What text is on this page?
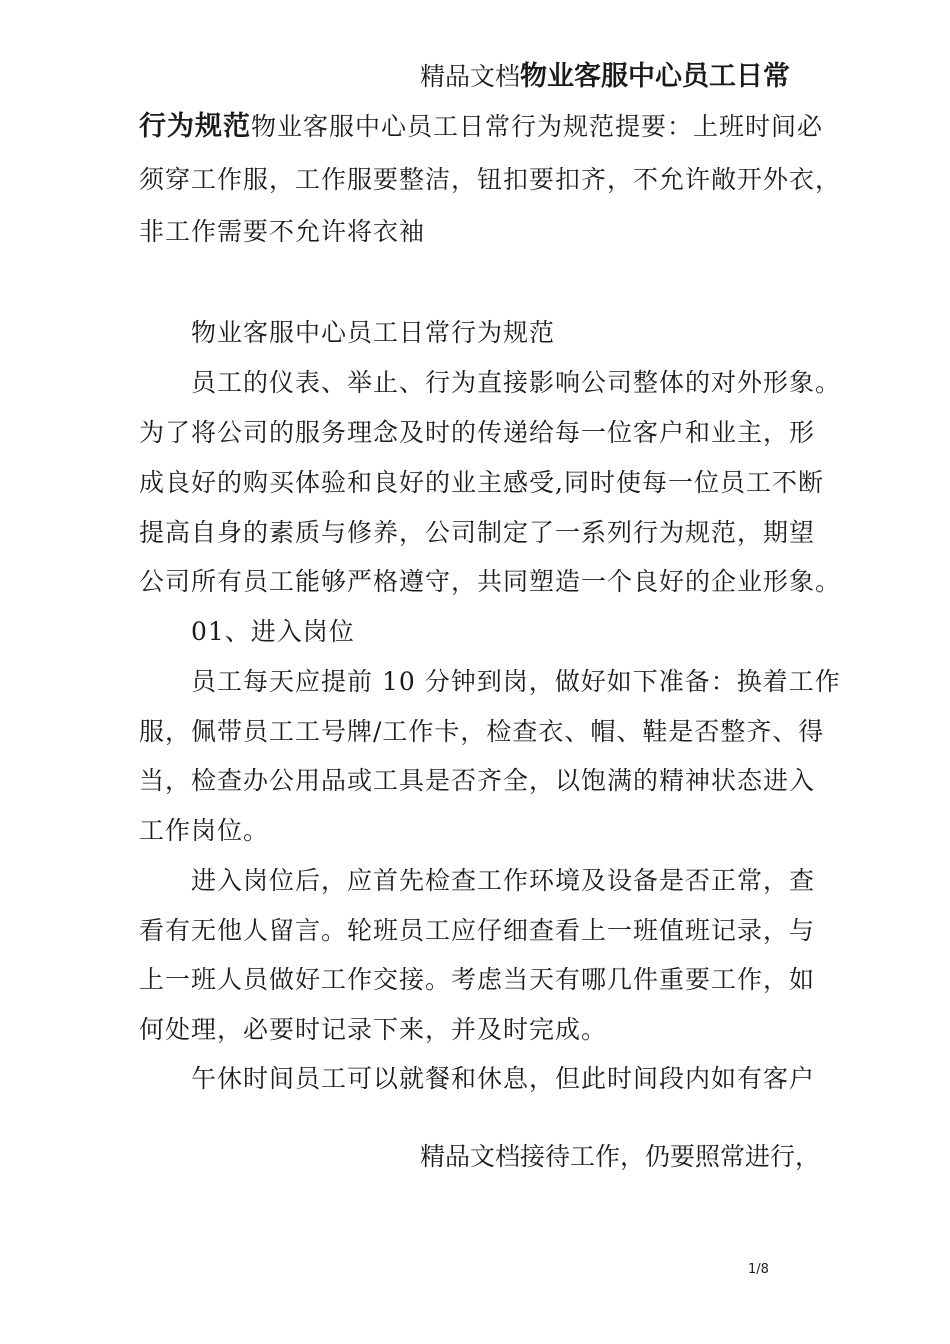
精品文档物业客服中心员工日常
行为规范物业客服中心员工日常行为规范提要：上班时间必
须穿工作服，工作服要整洁，钮扣要扣齐，不允许敞开外衣，
非工作需要不允许将衣袖
物业客服中心员工日常行为规范
员工的仪表、举止、行为直接影响公司整体的对外形象。
为了将公司的服务理念及时的传递给每一位客户和业主，形
成良好的购买体验和良好的业主感受,同时使每一位员工不断
提高自身的素质与修养，公司制定了一系列行为规范，期望
公司所有员工能够严格遵守，共同塑造一个良好的企业形象。
01、进入岗位
员工每天应提前 10 分钟到岗，做好如下准备：换着工作
服，佩带员工工号牌/工作卡，检查衣、帽、鞋是否整齐、得
当，检查办公用品或工具是否齐全，以饱满的精神状态进入
工作岗位。
进入岗位后，应首先检查工作环境及设备是否正常，查
看有无他人留言。轮班员工应仔细查看上一班值班记录，与
上一班人员做好工作交接。考虑当天有哪几件重要工作，如
何处理，必要时记录下来，并及时完成。
午休时间员工可以就餐和休息，但此时间段内如有客户
精品文档接待工作，仍要照常进行，
1/8
